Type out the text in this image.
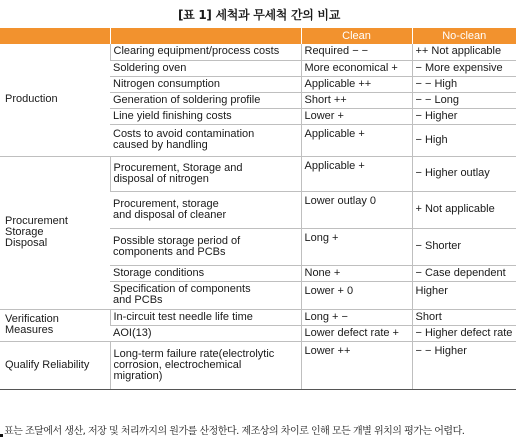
[표 1] 세척과 무세척 간의 비교
		Clean	No-clean
Production	Clearing equipment/process costs	Required − −	++ Not applicable
	Soldering oven	More economical +	− More expensive
	Nitrogen consumption	Applicable ++	− − High
	Generation of soldering profile	Short ++	− − Long
	Line yield finishing costs	Lower +	− Higher
	Costs to avoid contamination
caused by handling	Applicable +	− High
Procurement Storage
Disposal	Procurement, Storage and
disposal of nitrogen	Applicable +	− Higher outlay
	Procurement, storage
and disposal of cleaner	Lower outlay 0	+ Not applicable
	Possible storage period of
components and PCBs	Long +	− Shorter
	Storage conditions	None +	− Case dependent
	Specification of components
and PCBs	Lower + 0	Higher
Verification
Measures	In-circuit test needle life time	Long + −	Short
	AOI(13)	Lower defect rate +	− Higher defect rate
Qualify Reliability	Long-term failure rate(electrolytic
corrosion, electrochemical
migration)	Lower ++	− − Higher
표는 조달에서 생산, 저장 및 처리까지의 원가를 산정한다. 제조상의 차이로 인해 모든 개별 위치의 평가는 어렵다.
